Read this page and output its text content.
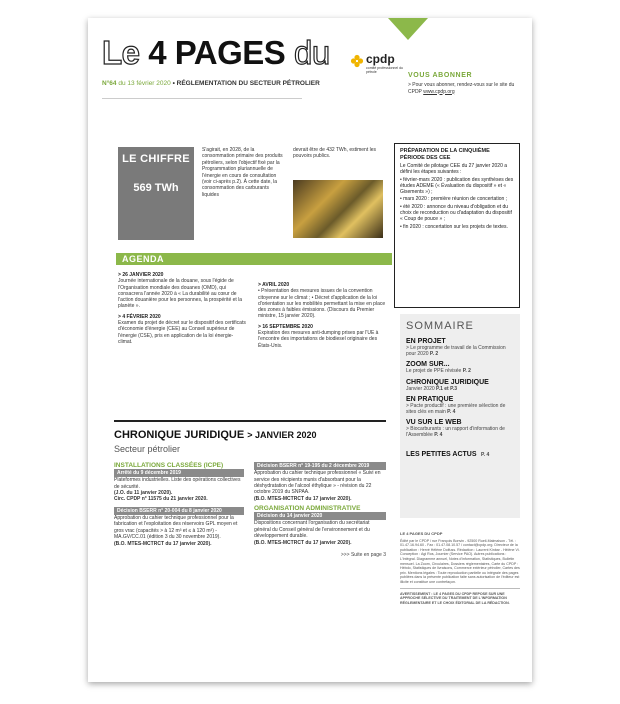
Le 4 PAGES du	cpdp
comité professionnel du pétrole
N°64 du 13 février 2020 • RÉGLEMENTATION DU SECTEUR PÉTROLIER
VOUS ABONNER
> Pour vous abonner, rendez-vous sur le site du CPDP www.cpdp.org
LE CHIFFRE
569 TWh
S'agirait, en 2028, de la consommation primaire des produits pétroliers, selon l'objectif fixé par la Programmation pluriannuelle de l'énergie en cours de consultation (voir ci-après p.2). À cette date, la consommation des carburants liquides
devrait être de 432 TWh, estiment les pouvoirs publics.
PRÉPARATION DE LA CINQUIÈME PÉRIODE DES CEE

Le Comité de pilotage CEE du 27 janvier 2020 a défini les étapes suivantes :

• février-mars 2020 : publication des synthèses des études ADEME (« Évaluation du dispositif » et « Gisements ») ;

• mars 2020 : première réunion de concertation ;

• été 2020 : annonce du niveau d'obligation et du choix de reconduction ou d'adaptation du dispositif « Coup de pouce » ;

• fin 2020 : concertation sur les projets de textes.

AGENDA
> 26 JANVIER 2020
Journée internationale de la douane, sous l'égide de l'Organisation mondiale des douanes (OMD), qui consacrera l'année 2020 à « La durabilité au cœur de l'action douanière pour les personnes, la prospérité et la planète ».
> 4 FÉVRIER 2020
Examen du projet de décret sur le dispositif des certificats d'économie d'énergie (CEE) au Conseil supérieur de l'énergie (CSE), pris en application de la loi énergie-climat.
> AVRIL 2020
• Présentation des mesures issues de la convention citoyenne sur le climat ; • Décret d'application de la loi d'orientation sur les mobilités permettant la mise en place des zones à faibles émissions. (Discours du Premier ministre, 15 janvier 2020).
> 16 SEPTEMBRE 2020
Expiration des mesures anti-dumping prises par l'UE à l'encontre des importations de biodiesel originaire des États-Unis.
SOMMAIRE
EN PROJET
> Le programme de travail de la Commission pour 2020 P. 2
ZOOM SUR...
Le projet de PPE révisée P. 2
CHRONIQUE JURIDIQUE
Janvier 2020 P.1 et P.3
EN PRATIQUE
> Pacte productif : une première sélection de sites clés en main P. 4
VU SUR LE WEB
> Biocarburants : un rapport d'information de l'Assemblée P. 4
LES PETITES ACTUS P. 4
CHRONIQUE JURIDIQUE > JANVIER 2020
Secteur pétrolier
INSTALLATIONS CLASSÉES (ICPE)
Arrêté du 9 décembre 2019
Plateformes industrielles. Liste des opérations collectives de sécurité.
(J.O. du 11 janvier 2020).
Circ. CPDP n° 11575 du 21 janvier 2020.
Décision BSERR n° 20-004 du 8 janvier 2020
Approbation du cahier technique professionnel pour la fabrication et l'exploitation des réservoirs GPL moyen et gros vrac (capacités > à 12 m³ et ≤ à 120 m³) - MA.GV/CC.01 (édition 3 du 30 novembre 2019).
(B.O. MTES-MCTRCT du 17 janvier 2020).
Décision BSERR n° 19-195 du 2 décembre 2019
Approbation du cahier technique professionnel « Suivi en service des récipients munis d'absorbant pour la déshydratation de l'alcool éthylique » - révision du 22 octobre 2019 du SNPAA.
(B.O. MTES-MCTRCT du 17 janvier 2020).
ORGANISATION ADMINISTRATIVE
Décision du 14 janvier 2020
Dispositions concernant l'organisation du secrétariat général du Conseil général de l'environnement et du développement durable.
(B.O. MTES-MCTRCT du 17 janvier 2020).
>>> Suite en page 3
LE 4 PAGES DU CPDP
Édité par le CPDP / rue François Bonvin - 92500 Rueil-Malmaison - Tél. : 01.47.16.94.60 - Fax : 01.47.08.10.57 / contact@cpdp.org. Directeur de la publication : Hervé Hélène Dolfuss. Rédaction : Laurent Kinbar - Hélène Vi. Conception : Agi Ros, Journier (Service PAO). Autres publications : L'Intégral. Diagramme annuel, Notes d'information, Statistiques, Bulletin mensuel. La Zoom, Circulaires, Dossiers réglementaires, Carte du CPDP : Hébdo, Statistiques de livraisons, Commerce extérieur pétrolier, Cartes des prix. Mentions légales : Toute reproduction partielle ou intégrale des pages publiées dans la présente publication faite sans autorisation de l'éditeur est illicite et constitue une contrefaçon.
AVERTISSEMENT : LE 4 PAGES DU CPDP REPOSE SUR UNE APPROCHE SÉLECTIVE DU TRAITEMENT DE L'INFORMATION RÉGLEMENTAIRE ET LE CHOIX ÉDITORIAL DE LA RÉDACTION.
